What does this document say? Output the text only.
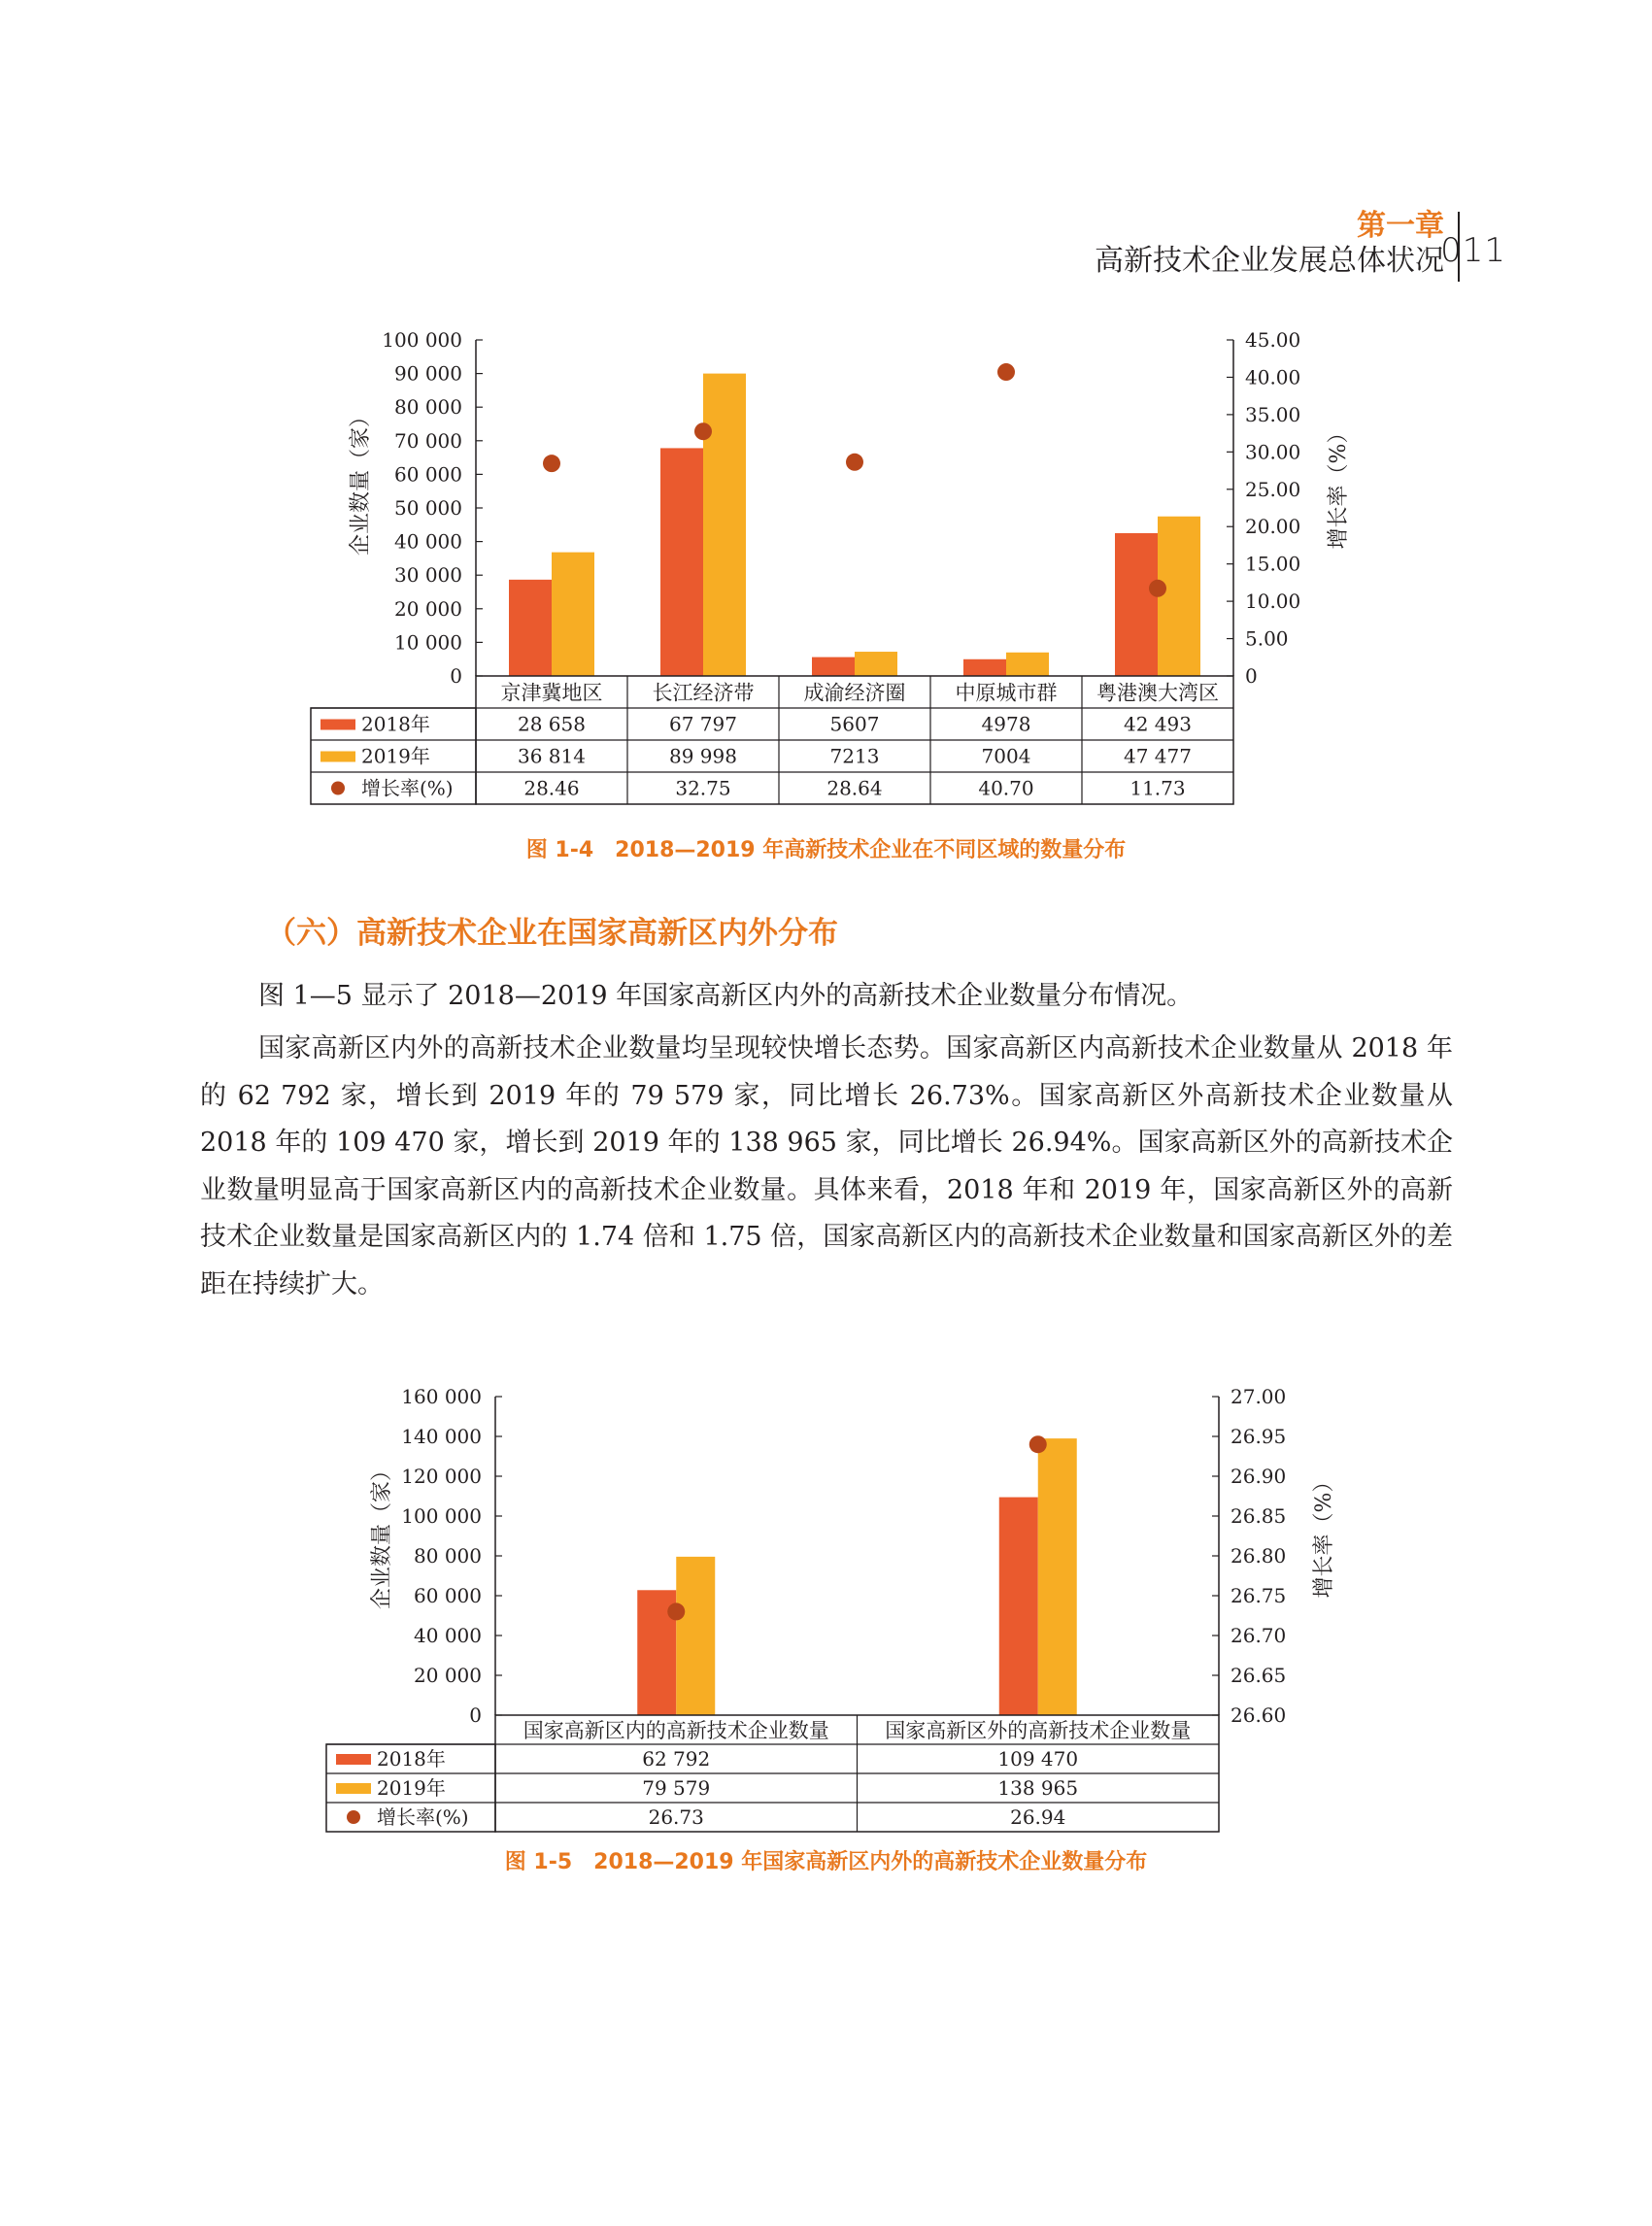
第一章
高新技术企业发展总体状况
011
100 000
90 000
80 000
70 000
60 000
50 000
40 000
30 000
20 000
10 000
0
45.00
40.00
35.00
30.00
25.00
20.00
15.00
10.00
5.00
0
2018年
2019年
增长率(%)
京津冀地区
28 658
36 814
28.46
长江经济带
67 797
89 998
32.75
成渝经济圈
5607
7213
28.64
中原城市群
4978
7004
40.70
粤港澳大湾区
42 493
47 477
11.73
企业数量（家）	增长率（%）
图 1-4　2018—2019 年高新技术企业在不同区域的数量分布
（六）高新技术企业在国家高新区内外分布
图 1—5 显示了 2018—2019 年国家高新区内外的高新技术企业数量分布情况。
国家高新区内外的高新技术企业数量均呈现较快增长态势。国家高新区内高新技术企业数量从 2018 年的 62 792 家，增长到 2019 年的 79 579 家，同比增长 26.73%。国家高新区外高新技术企业数量从 2018 年的 109 470 家，增长到 2019 年的 138 965 家，同比增长 26.94%。国家高新区外的高新技术企业数量明显高于国家高新区内的高新技术企业数量。具体来看，2018 年和 2019 年，国家高新区外的高新技术企业数量是国家高新区内的 1.74 倍和 1.75 倍，国家高新区内的高新技术企业数量和国家高新区外的差距在持续扩大。
160 000
140 000
120 000
100 000
80 000
60 000
40 000
20 000
0
27.00
26.95
26.90
26.85
26.80
26.75
26.70
26.65
26.60
2018年
2019年
增长率(%)
国家高新区内的高新技术企业数量
62 792
79 579
26.73
国家高新区外的高新技术企业数量
109 470
138 965
26.94
企业数量（家）	增长率（%）
图 1-5　2018—2019 年国家高新区内外的高新技术企业数量分布
